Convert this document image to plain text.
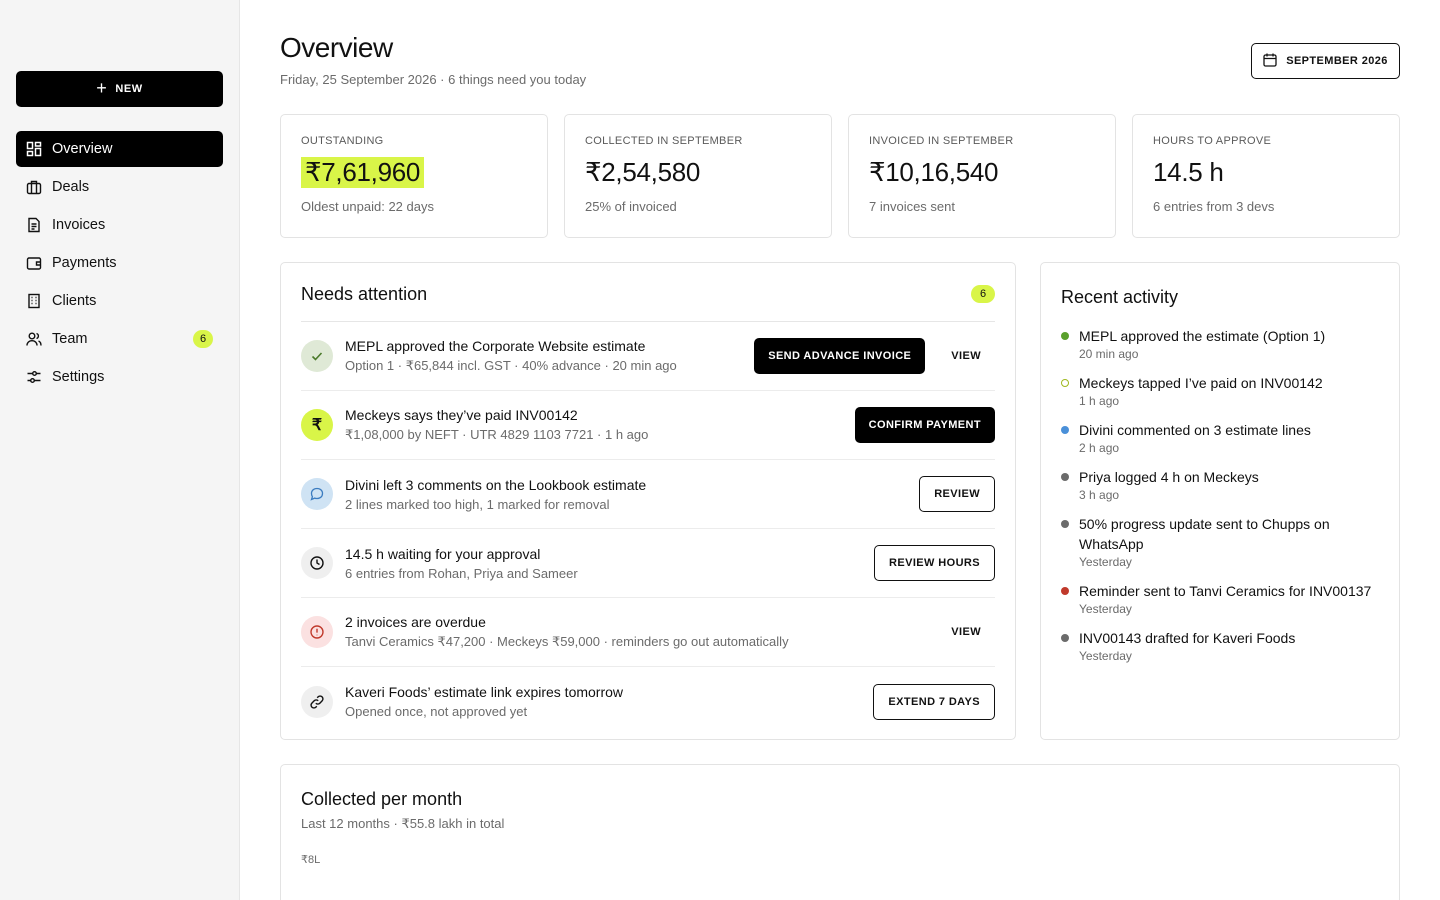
+ NEW
Overview
Deals
Invoices
Payments
Clients
Team	6
Settings
Overview
Friday, 25 September 2026 · 6 things need you today
SEPTEMBER 2026
OUTSTANDING
₹7,61,960
Oldest unpaid: 22 days
COLLECTED IN SEPTEMBER
₹2,54,580
25% of invoiced
INVOICED IN SEPTEMBER
₹10,16,540
7 invoices sent
HOURS TO APPROVE
14.5 h
6 entries from 3 devs
Needs attention	6
MEPL approved the Corporate Website estimate
Option 1 · ₹65,844 incl. GST · 40% advance · 20 min ago
SEND ADVANCE INVOICE	VIEW
₹
Meckeys says they’ve paid INV00142
₹1,08,000 by NEFT · UTR 4829 1103 7721 · 1 h ago
CONFIRM PAYMENT
Divini left 3 comments on the Lookbook estimate
2 lines marked too high, 1 marked for removal
REVIEW
14.5 h waiting for your approval
6 entries from Rohan, Priya and Sameer
REVIEW HOURS
2 invoices are overdue
Tanvi Ceramics ₹47,200 · Meckeys ₹59,000 · reminders go out automatically
VIEW
Kaveri Foods’ estimate link expires tomorrow
Opened once, not approved yet
EXTEND 7 DAYS
Recent activity
MEPL approved the estimate (Option 1)
20 min ago
Meckeys tapped I’ve paid on INV00142
1 h ago
Divini commented on 3 estimate lines
2 h ago
Priya logged 4 h on Meckeys
3 h ago
50% progress update sent to Chupps on WhatsApp
Yesterday
Reminder sent to Tanvi Ceramics for INV00137
Yesterday
INV00143 drafted for Kaveri Foods
Yesterday
Collected per month
Last 12 months · ₹55.8 lakh in total
₹8L
